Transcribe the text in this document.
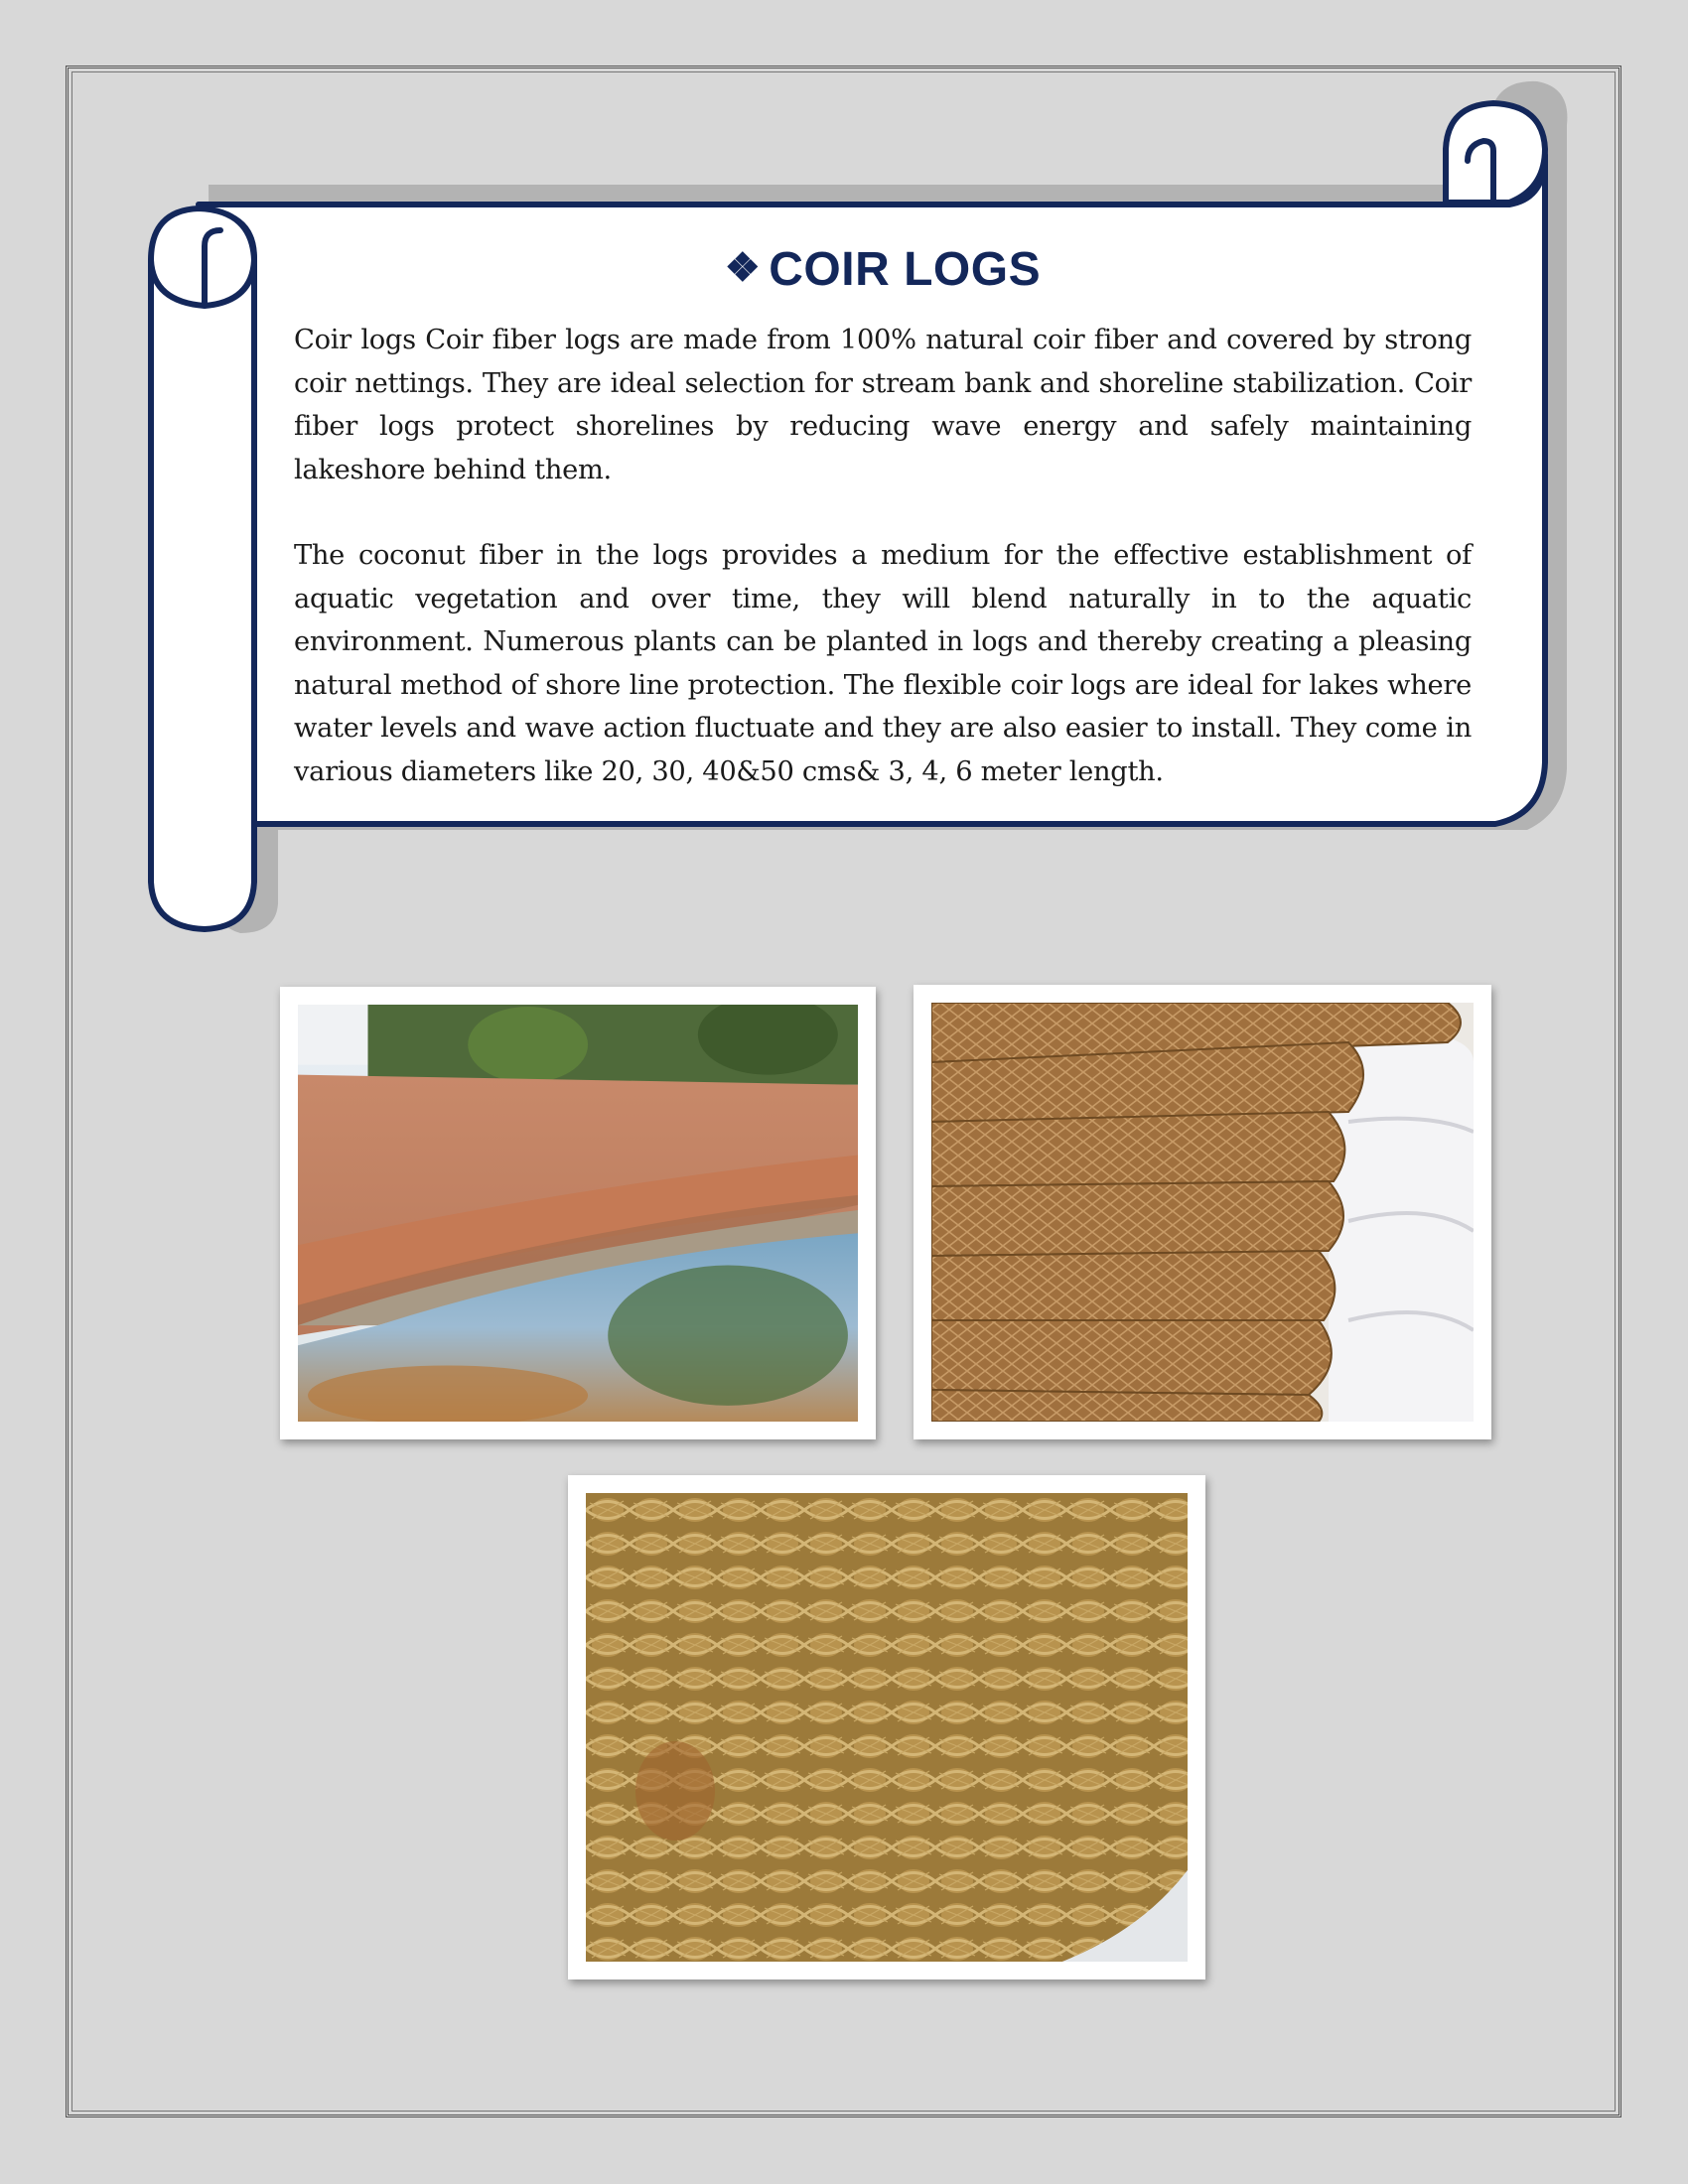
❖ COIR LOGS

Coir logs Coir fiber logs are made from 100% natural coir fiber and covered by strong coir nettings. They are ideal selection for stream bank and shoreline stabilization. Coir fiber logs protect shorelines by reducing wave energy and safely maintaining lakeshore behind them.

The coconut fiber in the logs provides a medium for the effective establishment of aquatic vegetation and over time, they will blend naturally in to the aquatic environment. Numerous plants can be planted in logs and thereby creating a pleasing natural method of shore line protection. The flexible coir logs are ideal for lakes where water levels and wave action fluctuate and they are also easier to install. They come in various diameters like 20, 30, 40&50 cms& 3, 4, 6 meter length.
